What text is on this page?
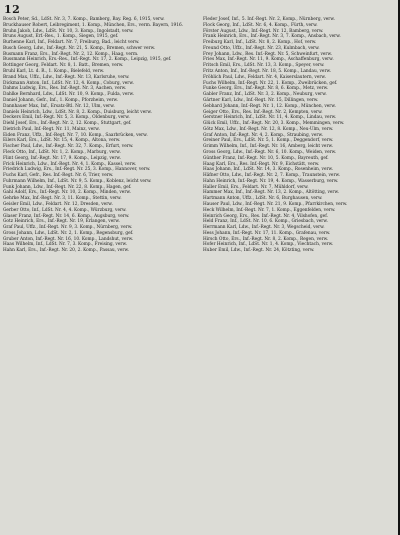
12
Bosch Peter, Sd., LdSt. Nr. 3, 7. Komp., Bamberg, Bay. Reg. 6, 1915, verw.
Bruckhauser Robert, Leibregiment, 1. Komp., München, Ers., verm. Bayern, 1916.
Bruhn Jakob, Ldw., LdSt. Nr. 10, 3. Komp., Ingolstadt, verw.
Bruns August, Erf.-Res., 1. Komp., Siegen, 1915, gef.
Burhenne Karl, Inf., Feldart. Nr. 7, Freiburg, Bad., leicht verw.
Busch Georg, Ldw., Inf.-Regt. Nr. 21, 5. Komp., Bremen, schwer verw.
Busmann Franz, Ers., Inf.-Regt. Nr. 2, 12. Komp., Haag, verm.
Bussmann Heinrich, Ers.-Res., Inf.-Regt. Nr. 17, 2. Komp., Leipzig, 1915, gef.
Bottinger Georg, Feldart. Nr. 8, 1. Batt., Bremen, verw.
Bruhl Karl, Lt. d. R., 1. Komp., Bielefeld, verw.
Brand Max, Uffz., Ldw., Inf.-Regt. Nr. 13, Karlsruhe, verw.
Dickmann Anton, Inf., LdSt. Nr. 12, 4. Komp., Coburg, verw.
Dahms Ludwig, Ers., Res. Inf.-Regt. Nr. 3, Aachen, verw.
Dahlke Bernhard, Ldw., LdSt. Nr. 10, 9. Komp., Fulda, verw.
Daniel Johann, Gefr., Inf., 1. Komp., Pforzheim, verw.
Dannhauer Max, Inf., Ersatz-Btl. Nr. 12, Ulm, verw.
Daniels Heinrich, Ldw., LdSt. Nr. 8, 2. Komp., Duisburg, leicht verw.
Deckers Emil, Inf.-Regt. Nr. 5, 3. Komp., Oldenburg, verw.
Diehl Josef, Ers., Inf.-Regt. Nr. 2, 12. Komp., Stuttgart, gef.
Dietrich Paul, Inf.-Regt. Nr. 11, Mainz, verw.
Eiden Franz, Uffz., Inf.-Regt. Nr. 7, 10. Komp., Saarbrücken, verw.
Eilers Karl, Ers., LdSt. Nr. 15, 4. Komp., Altona, verw.
Fischer Paul, Ldw., Inf.-Regt. Nr. 32, 7. Komp., Erfurt, verw.
Fleck Otto, Inf., LdSt. Nr. 1, 2. Komp., Marburg, verw.
Flint Georg, Inf.-Regt. Nr. 17, 9. Komp., Leipzig, verw.
Frick Heinrich, Ldw., Inf.-Regt. Nr. 4, 1. Komp., Kassel, verw.
Friedrich Ludwig, Ers., Inf.-Regt. Nr. 25, 3. Komp., Hannover, verw.
Fuchs Karl, Gefr., Res. Inf.-Regt. Nr. 6, Trier, verw.
Fuhrmann Wilhelm, Inf., LdSt. Nr. 9, 5. Komp., Koblenz, leicht verw.
Funk Johann, Ldw., Inf.-Regt. Nr. 22, 8. Komp., Hagen, gef.
Gahl Adolf, Ers., Inf.-Regt. Nr. 10, 2. Komp., Minden, verw.
Gehrke Max, Inf.-Regt. Nr. 3, 11. Komp., Stettin, verw.
Geisler Emil, Ldw., Feldart. Nr. 12, Dresden, verw.
Gerber Otto, Inf., LdSt. Nr. 4, 4. Komp., Würzburg, verw.
Glaser Franz, Inf.-Regt. Nr. 14, 6. Komp., Augsburg, verw.
Gotz Heinrich, Ers., Inf.-Regt. Nr. 19, Erlangen, verw.
Graf Paul, Uffz., Inf.-Regt. Nr. 9, 3. Komp., Nürnberg, verw.
Gross Johann, Ldw., LdSt. Nr. 2, 1. Komp., Regensburg, gef.
Gruber Anton, Inf.-Regt. Nr. 16, 10. Komp., Landshut, verw.
Haas Wilhelm, Inf., LdSt. Nr. 7, 3. Komp., Freising, verw.
Hahn Karl, Ers., Inf.-Regt. Nr. 20, 2. Komp., Passau, verw.
Fleder Josef, Inf., 5. Inf.-Regt. Nr. 2, Komp., Nürnberg, verw.
Flock Georg, Inf., LdSt. Nr. 6, 4. Komp., Fürth, verw.
Förster August, Ldw., Inf.-Regt. Nr. 12, Bamberg, verw.
Frank Heinrich, Ers., Inf.-Regt. Nr. 3, 7. Komp., Ansbach, verw.
Freiburg Karl, Inf., LdSt. Nr. 8, 2. Komp., Hof, verw.
Freund Otto, Uffz., Inf.-Regt. Nr. 23, Kulmbach, verw.
Frey Johann, Ldw., Res. Inf.-Regt. Nr. 5, Schweinfurt, verw.
Fries Max, Inf.-Regt. Nr. 11, 9. Komp., Aschaffenburg, verw.
Fritsch Emil, Ers., LdSt. Nr. 13, 3. Komp., Speyer, verw.
Fritz Anton, Inf., Inf.-Regt. Nr. 18, 5. Komp., Landau, verw.
Fröhlich Paul, Ldw., Feldart. Nr. 4, Kaiserslautern, verw.
Fuchs Wilhelm, Inf.-Regt. Nr. 22, 1. Komp., Zweibrücken, gef.
Funke Georg, Ers., Inf.-Regt. Nr. 8, 6. Komp., Metz, verw.
Gabler Franz, Inf., LdSt. Nr. 3, 2. Komp., Neuburg, verw.
Gärtner Karl, Ldw., Inf.-Regt. Nr. 15, Dillingen, verw.
Gebhard Johann, Inf.-Regt. Nr. 1, 12. Komp., München, verw.
Geiger Otto, Ers., Res. Inf.-Regt. Nr. 2, Kempten, verw.
Gerstner Heinrich, Inf., LdSt. Nr. 11, 4. Komp., Lindau, verw.
Glück Emil, Uffz., Inf.-Regt. Nr. 20, 3. Komp., Memmingen, verw.
Götz Max, Ldw., Inf.-Regt. Nr. 12, 8. Komp., Neu-Ulm, verw.
Graf Anton, Inf.-Regt. Nr. 4, 2. Komp., Straubing, verw.
Greiner Paul, Ers., LdSt. Nr. 5, 1. Komp., Deggendorf, verw.
Grimm Wilhelm, Inf., Inf.-Regt. Nr. 16, Amberg, leicht verw.
Gross Georg, Ldw., Inf.-Regt. Nr. 6, 10. Komp., Weiden, verw.
Günther Franz, Inf.-Regt. Nr. 10, 5. Komp., Bayreuth, gef.
Haag Karl, Ers., Res. Inf.-Regt. Nr. 9, Eichstätt, verw.
Haas Johann, Inf., LdSt. Nr. 14, 3. Komp., Rosenheim, verw.
Häfner Otto, Ldw., Inf.-Regt. Nr. 2, 7. Komp., Traunstein, verw.
Hahn Heinrich, Inf.-Regt. Nr. 19, 4. Komp., Wasserburg, verw.
Haller Emil, Ers., Feldart. Nr. 7, Mühldorf, verw.
Hammer Max, Inf., Inf.-Regt. Nr. 13, 2. Komp., Altötting, verw.
Hartmann Anton, Uffz., LdSt. Nr. 6, Burghausen, verw.
Hauser Paul, Ldw., Inf.-Regt. Nr. 21, 9. Komp., Pfarrkirchen, verw.
Heck Wilhelm, Inf.-Regt. Nr. 7, 1. Komp., Eggenfelden, verw.
Heinrich Georg, Ers., Res. Inf.-Regt. Nr. 4, Vilshofen, gef.
Held Franz, Inf., LdSt. Nr. 10, 6. Komp., Griesbach, verw.
Herrmann Karl, Ldw., Inf.-Regt. Nr. 3, Wegscheid, verw.
Hess Johann, Inf.-Regt. Nr. 17, 11. Komp., Grafenau, verw.
Hirsch Otto, Ers., Inf.-Regt. Nr. 8, 2. Komp., Regen, verw.
Hofer Heinrich, Inf., LdSt. Nr. 1, 4. Komp., Viechtach, verw.
Huber Emil, Ldw., Inf.-Regt. Nr. 24, Kötzting, verw.
